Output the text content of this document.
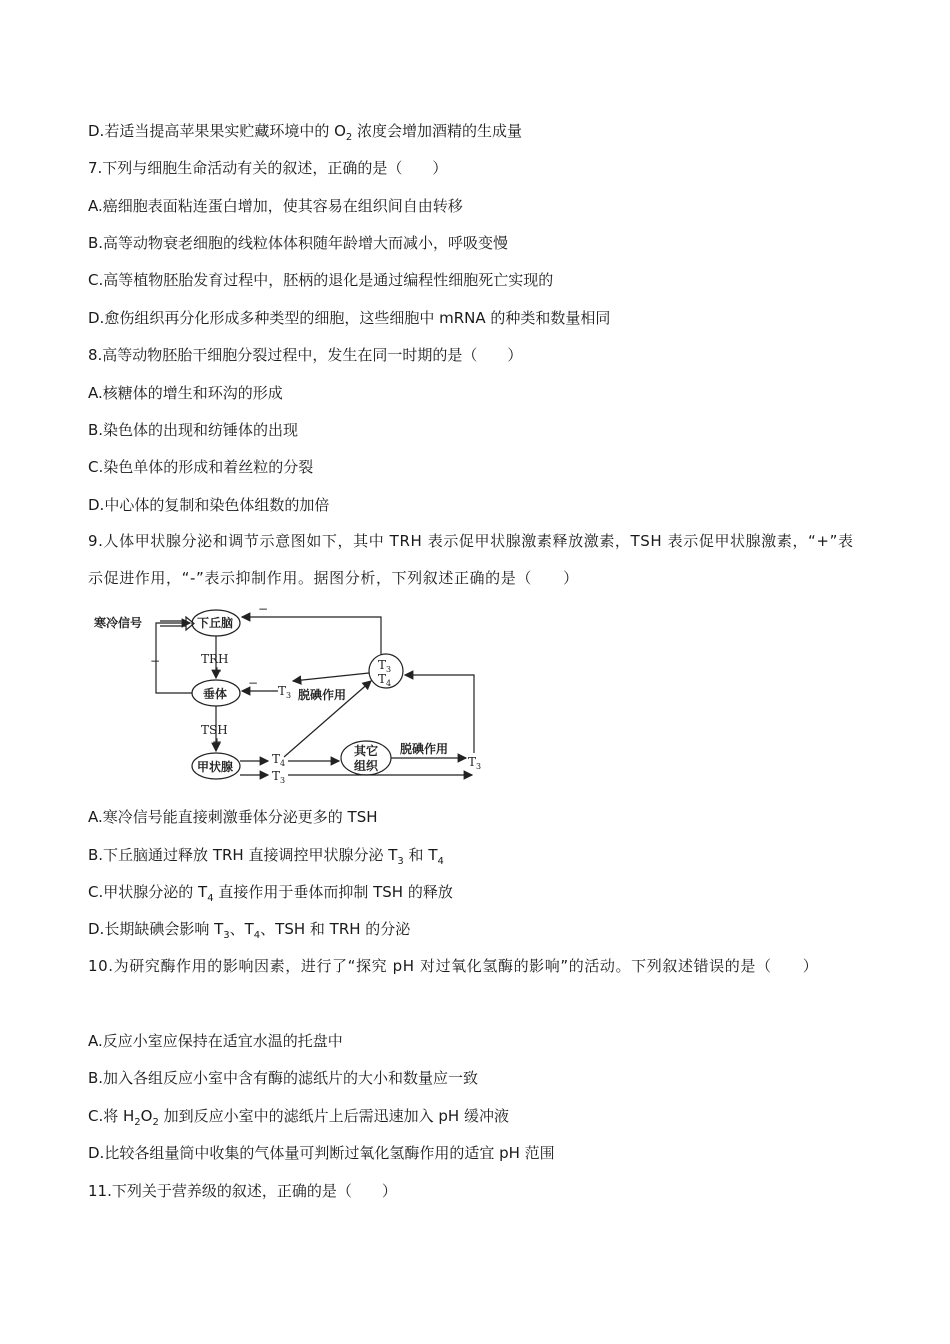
D.若适当提高苹果果实贮藏环境中的 $O_2$ 浓度会增加酒精的生成量
7.下列与细胞生命活动有关的叙述，正确的是（　　）
A.癌细胞表面粘连蛋白增加，使其容易在组织间自由转移
B.高等动物衰老细胞的线粒体体积随年龄增大而减小，呼吸变慢
C.高等植物胚胎发育过程中，胚柄的退化是通过编程性细胞死亡实现的
D.愈伤组织再分化形成多种类型的细胞，这些细胞中 mRNA 的种类和数量相同
8.高等动物胚胎干细胞分裂过程中，发生在同一时期的是（　　）
A.核糖体的增生和环沟的形成
B.染色体的出现和纺锤体的出现
C.染色单体的形成和着丝粒的分裂
D.中心体的复制和染色体组数的加倍
9.人体甲状腺分泌和调节示意图如下，其中 TRH 表示促甲状腺激素释放激素，TSH 表示促甲状腺激素，“+”表示促进作用，“-”表示抑制作用。据图分析，下列叙述正确的是（　　）
寒冷信号	下丘脑
垂体
甲状腺
其它
组织
脱碘作用
脱碘作用
TRH
+
TSH
+
−
−
−
$T_3$
$T_4$
$T_3$
$T_4$
$T_3$
$T_3$
A.寒冷信号能直接刺激垂体分泌更多的 TSH
B.下丘脑通过释放 TRH 直接调控甲状腺分泌 $T_3$ 和 $T_4$
C.甲状腺分泌的 $T_4$ 直接作用于垂体而抑制 TSH 的释放
D.长期缺碘会影响 $T_3$、$T_4$、TSH 和 TRH 的分泌
10.为研究酶作用的影响因素，进行了“探究 pH 对过氧化氢酶的影响”的活动。下列叙述错误的是（　　）
A.反应小室应保持在适宜水温的托盘中
B.加入各组反应小室中含有酶的滤纸片的大小和数量应一致
C.将 $H_2O_2$ 加到反应小室中的滤纸片上后需迅速加入 pH 缓冲液
D.比较各组量筒中收集的气体量可判断过氧化氢酶作用的适宜 pH 范围
11.下列关于营养级的叙述，正确的是（　　）
